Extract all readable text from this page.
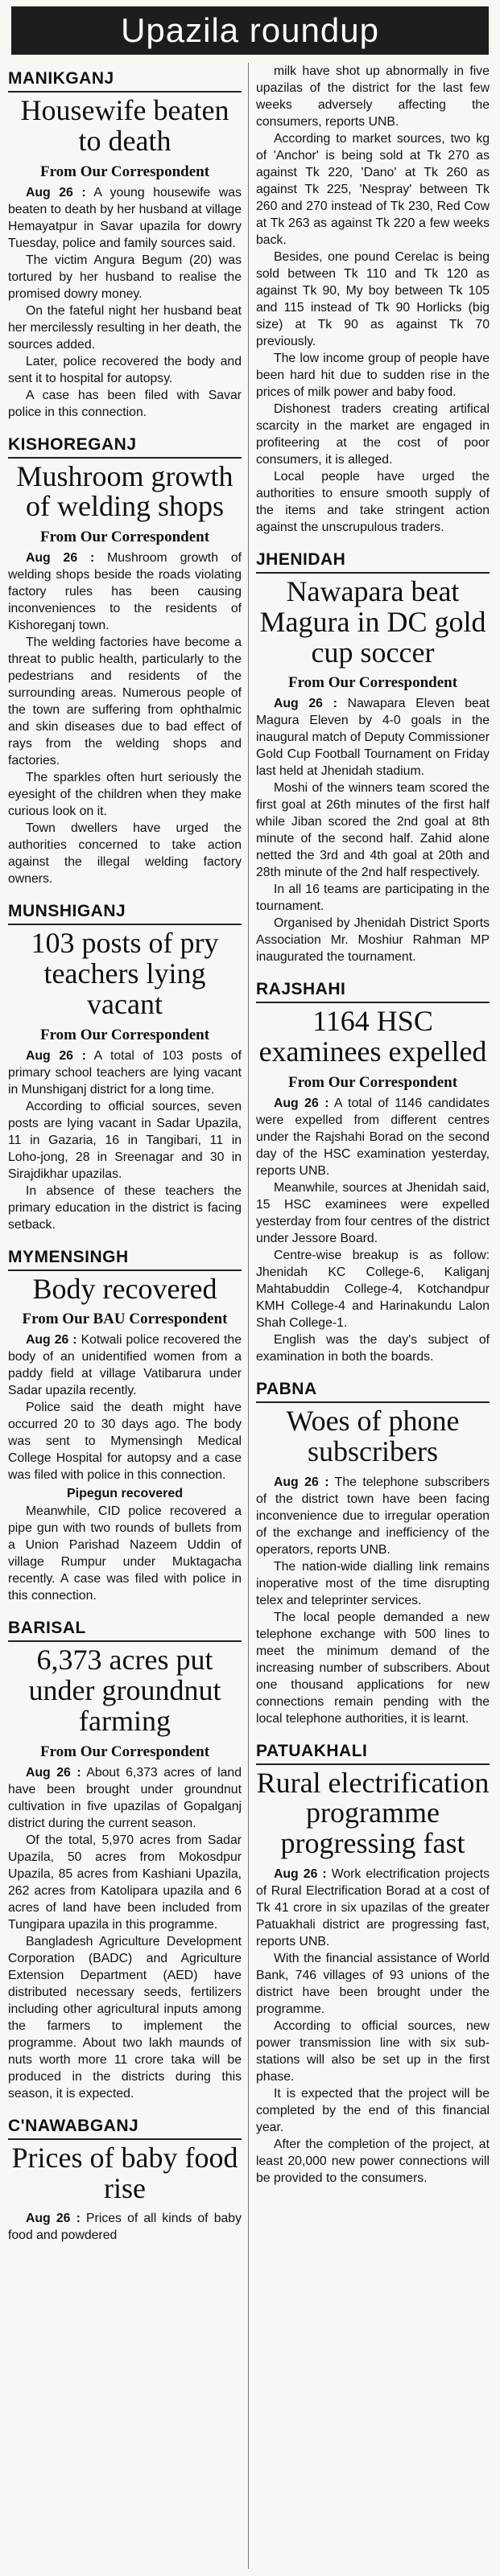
Upazila roundup
MANIKGANJ
Housewife beaten to death
From Our Correspondent

Aug 26 : A young housewife was beaten to death by her husband at village Hemayatpur in Savar upazila for dowry Tuesday, police and family sources said.

The victim Angura Begum (20) was tortured by her husband to realise the promised dowry money.

On the fateful night her husband beat her mercilessly resulting in her death, the sources added.

Later, police recovered the body and sent it to hospital for autopsy.

A case has been filed with Savar police in this connection.

KISHOREGANJ
Mushroom growth of welding shops
From Our Correspondent

Aug 26 : Mushroom growth of welding shops beside the roads violating factory rules has been causing inconveniences to the residents of Kishoreganj town.

The welding factories have become a threat to public health, particularly to the pedestrians and residents of the surrounding areas. Numerous people of the town are suffering from ophthalmic and skin diseases due to bad effect of rays from the welding shops and factories.

The sparkles often hurt seriously the eyesight of the children when they make curious look on it.

Town dwellers have urged the authorities concerned to take action against the illegal welding factory owners.

MUNSHIGANJ
103 posts of pry teachers lying vacant
From Our Correspondent

Aug 26 : A total of 103 posts of primary school teachers are lying vacant in Munshiganj district for a long time.

According to official sources, seven posts are lying vacant in Sadar Upazila, 11 in Gazaria, 16 in Tangibari, 11 in Loho-jong, 28 in Sreenagar and 30 in Sirajdikhar upazilas.

In absence of these teachers the primary education in the district is facing setback.

MYMENSINGH
Body recovered
From Our BAU Correspondent

Aug 26 : Kotwali police recovered the body of an unidentified women from a paddy field at village Vatibarura under Sadar upazila recently.

Police said the death might have occurred 20 to 30 days ago. The body was sent to Mymensingh Medical College Hospital for autopsy and a case was filed with police in this connection.

Pipegun recovered

Meanwhile, CID police recovered a pipe gun with two rounds of bullets from a Union Parishad Nazeem Uddin of village Rumpur under Muktagacha recently. A case was filed with police in this connection.

BARISAL
6,373 acres put under groundnut farming
From Our Correspondent

Aug 26 : About 6,373 acres of land have been brought under groundnut cultivation in five upazilas of Gopalganj district during the current season.

Of the total, 5,970 acres from Sadar Upazila, 50 acres from Mokosdpur Upazila, 85 acres from Kashiani Upazila, 262 acres from Katolipara upazila and 6 acres of land have been included from Tungipara upazila in this programme.

Bangladesh Agriculture Development Corporation (BADC) and Agriculture Extension Department (AED) have distributed necessary seeds, fertilizers including other agricultural inputs among the farmers to implement the programme. About two lakh maunds of nuts worth more 11 crore taka will be produced in the districts during this season, it is expected.

C'NAWABGANJ
Prices of baby food rise

Aug 26 : Prices of all kinds of baby food and powdered

milk have shot up abnormally in five upazilas of the district for the last few weeks adversely affecting the consumers, reports UNB.

According to market sources, two kg of 'Anchor' is being sold at Tk 270 as against Tk 220, 'Dano' at Tk 260 as against Tk 225, 'Nespray' between Tk 260 and 270 instead of Tk 230, Red Cow at Tk 263 as against Tk 220 a few weeks back.

Besides, one pound Cerelac is being sold between Tk 110 and Tk 120 as against Tk 90, My boy between Tk 105 and 115 instead of Tk 90 Horlicks (big size) at Tk 90 as against Tk 70 previously.

The low income group of people have been hard hit due to sudden rise in the prices of milk power and baby food.

Dishonest traders creating artifical scarcity in the market are engaged in profiteering at the cost of poor consumers, it is alleged.

Local people have urged the authorities to ensure smooth supply of the items and take stringent action against the unscrupulous traders.

JHENIDAH
Nawapara beat Magura in DC gold cup soccer
From Our Correspondent

Aug 26 : Nawapara Eleven beat Magura Eleven by 4-0 goals in the inaugural match of Deputy Commissioner Gold Cup Football Tournament on Friday last held at Jhenidah stadium.

Moshi of the winners team scored the first goal at 26th minutes of the first half while Jiban scored the 2nd goal at 8th minute of the second half. Zahid alone netted the 3rd and 4th goal at 20th and 28th minute of the 2nd half respectively.

In all 16 teams are participating in the tournament.

Organised by Jhenidah District Sports Association Mr. Moshiur Rahman MP inaugurated the tournament.

RAJSHAHI
1164 HSC examinees expelled
From Our Correspondent

Aug 26 : A total of 1146 candidates were expelled from different centres under the Rajshahi Borad on the second day of the HSC examination yesterday, reports UNB.

Meanwhile, sources at Jhenidah said, 15 HSC examinees were expelled yesterday from four centres of the district under Jessore Board.

Centre-wise breakup is as follow: Jhenidah KC College-6, Kaliganj Mahtabuddin College-4, Kotchandpur KMH College-4 and Harinakundu Lalon Shah College-1.

English was the day's subject of examination in both the boards.

PABNA
Woes of phone subscribers

Aug 26 : The telephone subscribers of the district town have been facing inconvenience due to irregular operation of the exchange and inefficiency of the operators, reports UNB.

The nation-wide dialling link remains inoperative most of the time disrupting telex and teleprinter services.

The local people demanded a new telephone exchange with 500 lines to meet the minimum demand of the increasing number of subscribers. About one thousand applications for new connections remain pending with the local telephone authorities, it is learnt.

PATUAKHALI
Rural electrification programme progressing fast

Aug 26 : Work electrification projects of Rural Electrification Borad at a cost of Tk 41 crore in six upazilas of the greater Patuakhali district are progressing fast, reports UNB.

With the financial assistance of World Bank, 746 villages of 93 unions of the district have been brought under the programme.

According to official sources, new power transmission line with six sub-stations will also be set up in the first phase.

It is expected that the project will be completed by the end of this financial year.

After the completion of the project, at least 20,000 new power connections will be provided to the consumers.
